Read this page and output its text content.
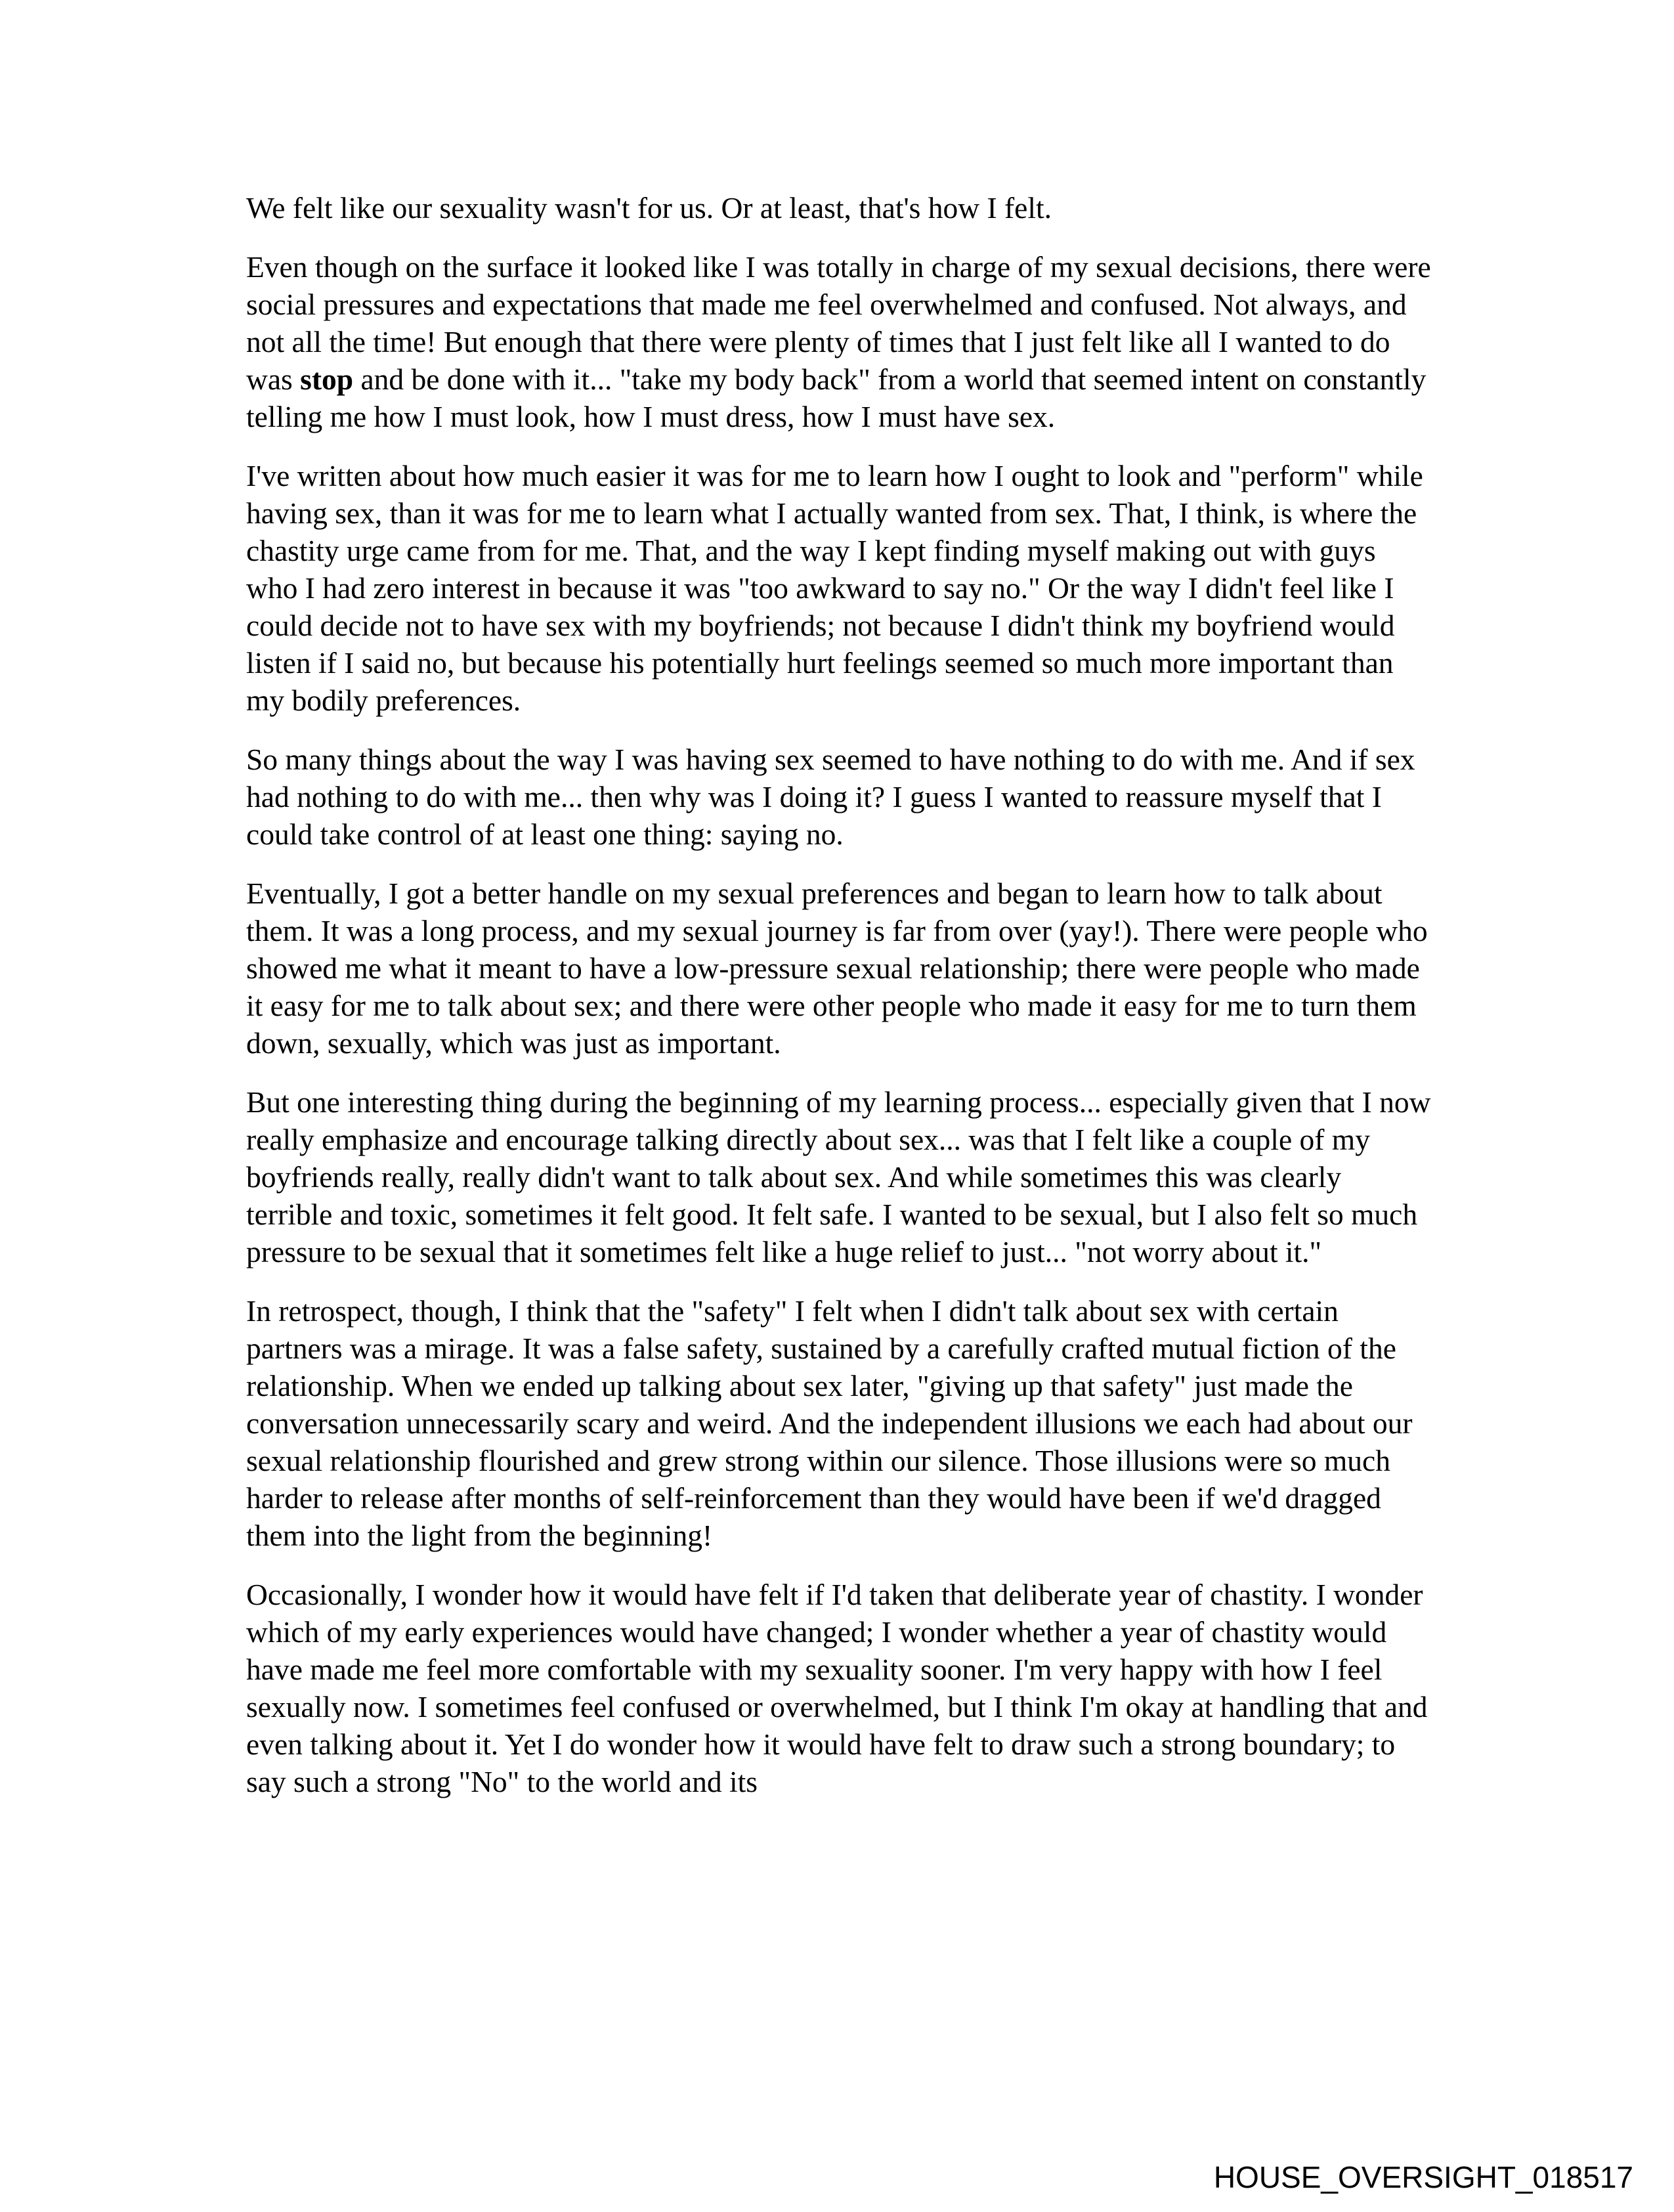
We felt like our sexuality wasn't for us. Or at least, that's how I felt.

Even though on the surface it looked like I was totally in charge of my sexual decisions, there were social pressures and expectations that made me feel overwhelmed and confused. Not always, and not all the time! But enough that there were plenty of times that I just felt like all I wanted to do was stop and be done with it... "take my body back" from a world that seemed intent on constantly telling me how I must look, how I must dress, how I must have sex.

I've written about how much easier it was for me to learn how I ought to look and "perform" while having sex, than it was for me to learn what I actually wanted from sex. That, I think, is where the chastity urge came from for me. That, and the way I kept finding myself making out with guys who I had zero interest in because it was "too awkward to say no." Or the way I didn't feel like I could decide not to have sex with my boyfriends; not because I didn't think my boyfriend would listen if I said no, but because his potentially hurt feelings seemed so much more important than my bodily preferences.

So many things about the way I was having sex seemed to have nothing to do with me. And if sex had nothing to do with me... then why was I doing it? I guess I wanted to reassure myself that I could take control of at least one thing: saying no.

Eventually, I got a better handle on my sexual preferences and began to learn how to talk about them. It was a long process, and my sexual journey is far from over (yay!). There were people who showed me what it meant to have a low-pressure sexual relationship; there were people who made it easy for me to talk about sex; and there were other people who made it easy for me to turn them down, sexually, which was just as important.

But one interesting thing during the beginning of my learning process... especially given that I now really emphasize and encourage talking directly about sex... was that I felt like a couple of my boyfriends really, really didn't want to talk about sex. And while sometimes this was clearly terrible and toxic, sometimes it felt good. It felt safe. I wanted to be sexual, but I also felt so much pressure to be sexual that it sometimes felt like a huge relief to just... "not worry about it."

In retrospect, though, I think that the "safety" I felt when I didn't talk about sex with certain partners was a mirage. It was a false safety, sustained by a carefully crafted mutual fiction of the relationship. When we ended up talking about sex later, "giving up that safety" just made the conversation unnecessarily scary and weird. And the independent illusions we each had about our sexual relationship flourished and grew strong within our silence. Those illusions were so much harder to release after months of self-reinforcement than they would have been if we'd dragged them into the light from the beginning!

Occasionally, I wonder how it would have felt if I'd taken that deliberate year of chastity. I wonder which of my early experiences would have changed; I wonder whether a year of chastity would have made me feel more comfortable with my sexuality sooner. I'm very happy with how I feel sexually now. I sometimes feel confused or overwhelmed, but I think I'm okay at handling that and even talking about it. Yet I do wonder how it would have felt to draw such a strong boundary; to say such a strong "No" to the world and its

HOUSE_OVERSIGHT_018517
